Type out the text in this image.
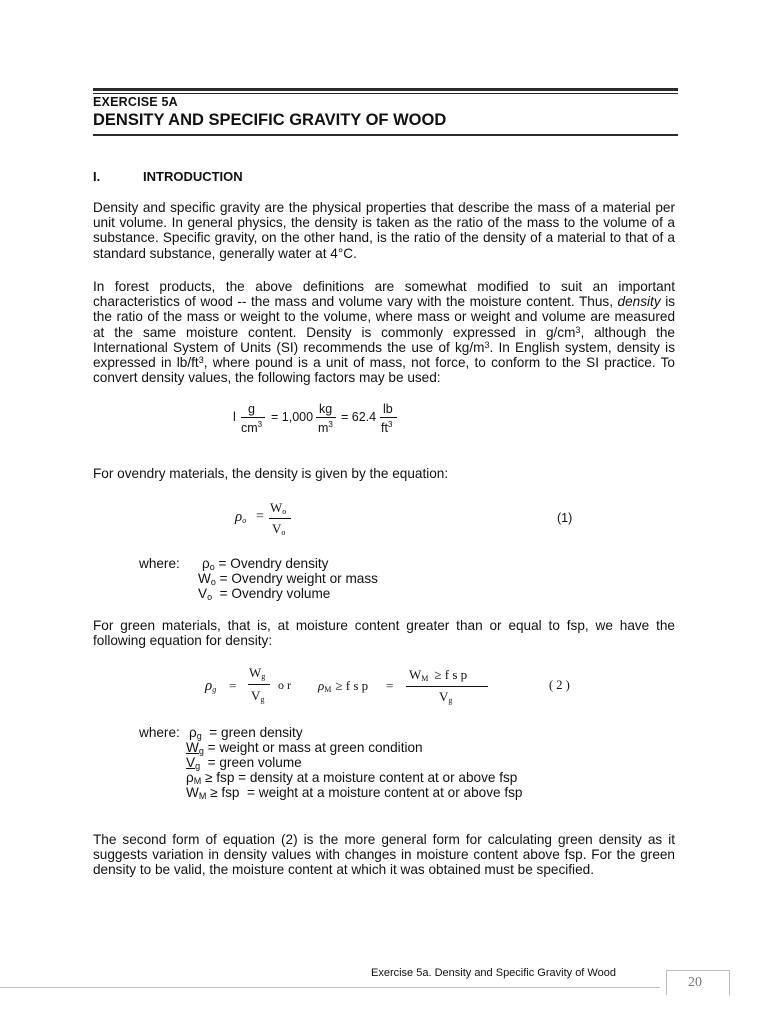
EXERCISE 5A
DENSITY AND SPECIFIC GRAVITY OF WOOD
I.	INTRODUCTION
Density and specific gravity are the physical properties that describe the mass of a material per unit volume. In general physics, the density is taken as the ratio of the mass to the volume of a substance. Specific gravity, on the other hand, is the ratio of the density of a material to that of a standard substance, generally water at 4°C.
In forest products, the above definitions are somewhat modified to suit an important characteristics of wood -- the mass and volume vary with the moisture content. Thus, density is the ratio of the mass or weight to the volume, where mass or weight and volume are measured at the same moisture content. Density is commonly expressed in $g/cm^3$, although the International System of Units (SI) recommends the use of $kg/m^3$. In English system, density is expressed in $lb/ft^3$, where pound is a unit of mass, not force, to conform to the SI practice. To convert density values, the following factors may be used:
l
g
$cm^3$
= 1,000
kg
$m^3$
= 62.4
lb
$ft^3$
For ovendry materials, the density is given by the equation:
$\rho_o$ =
$W_o$
$V_o$
(1)
where: $\rho_o$ = Ovendry density
$W_o$ = Ovendry weight or mass
$V_o$ = Ovendry volume
For green materials, that is, at moisture content greater than or equal to fsp, we have the following equation for density:
$\rho_g$ =
$W_g$
$V_g$
o r $\rho_M \ge f$ s p =
$W_M \ge f$ s p
$V_g$
( 2 )
where: $\rho_g$  = green density
$W_g$ = weight or mass at green condition
$V_g$  = green volume
$\rho_M$ ≥ fsp = density at a moisture content at or above fsp
$W_M$ ≥ fsp  = weight at a moisture content at or above fsp
The second form of equation (2) is the more general form for calculating green density as it suggests variation in density values with changes in moisture content above fsp. For the green density to be valid, the moisture content at which it was obtained must be specified.
Exercise 5a. Density and Specific Gravity of Wood
20
